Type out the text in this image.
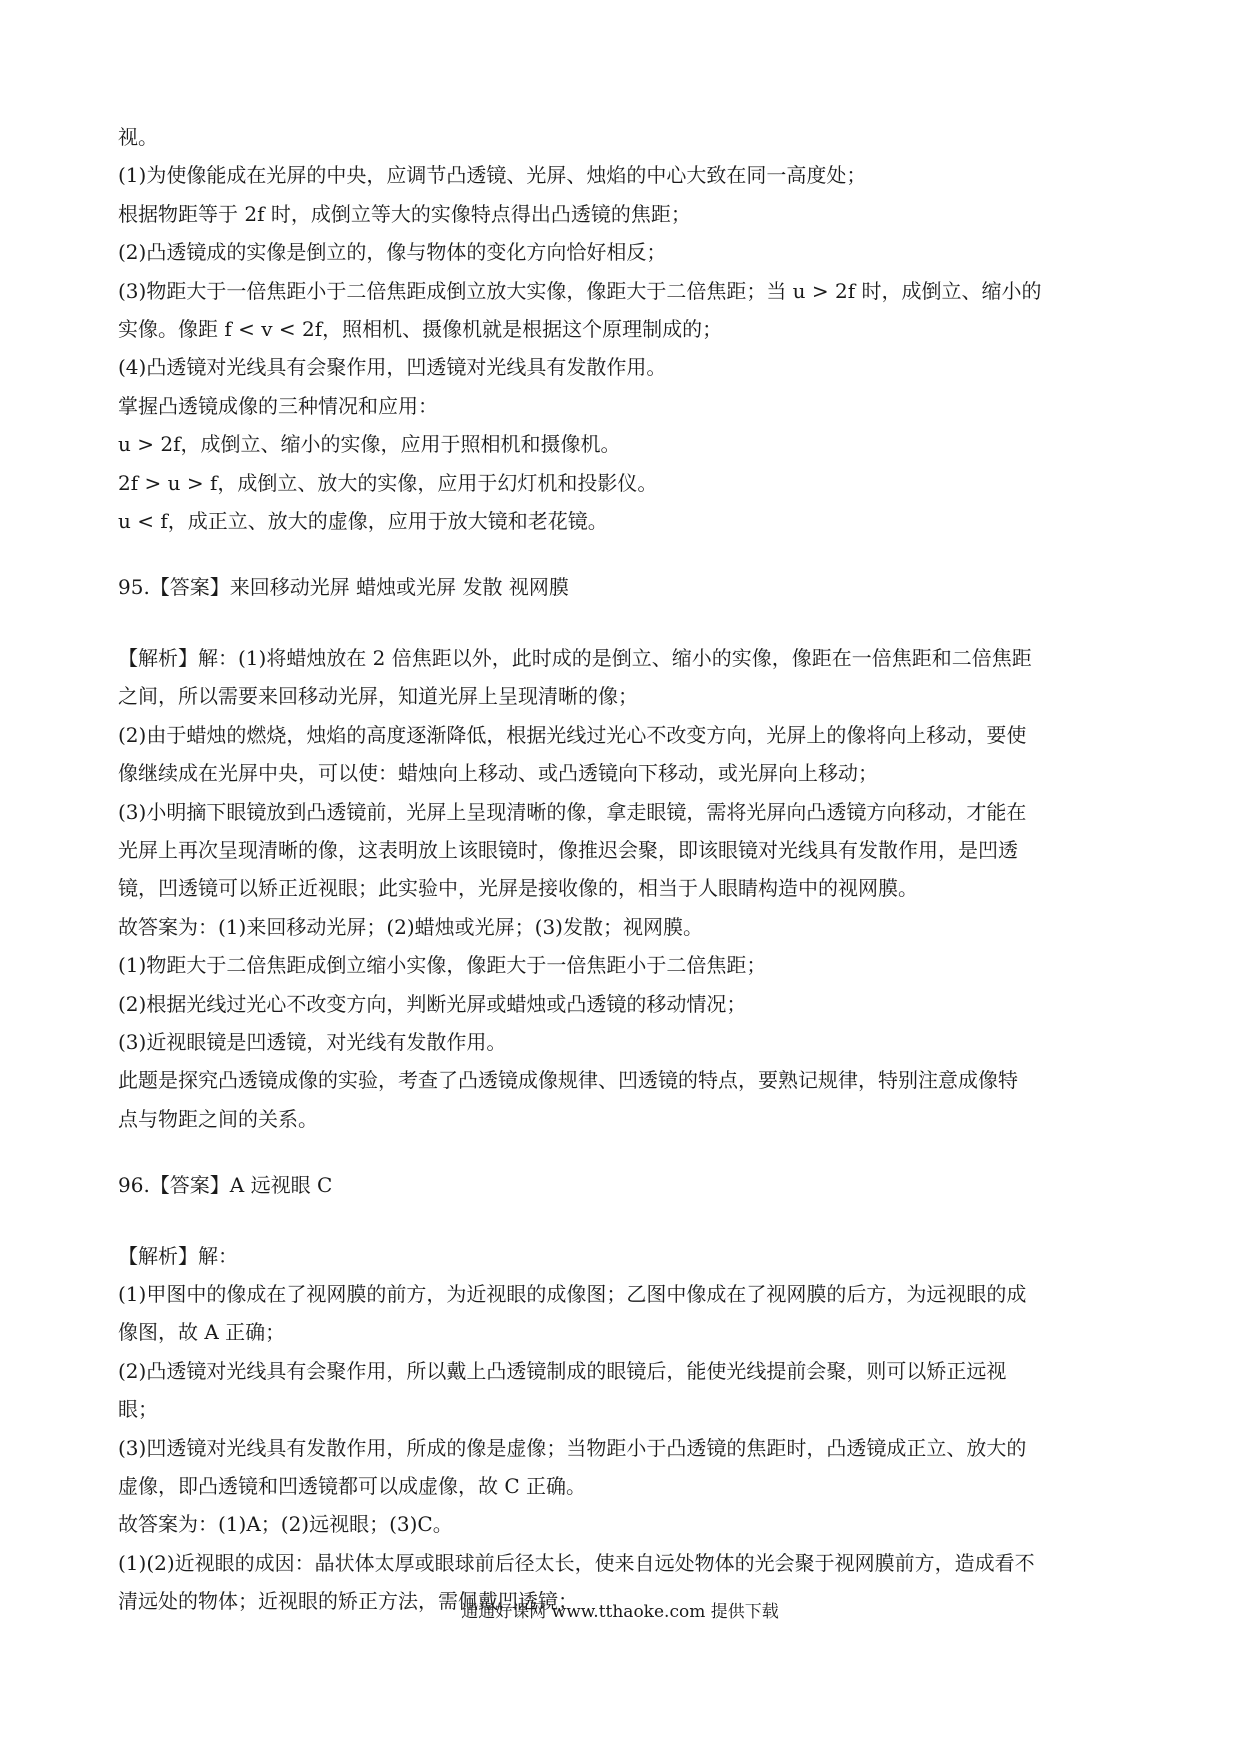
视。
(1)为使像能成在光屏的中央，应调节凸透镜、光屏、烛焰的中心大致在同一高度处；
根据物距等于 2f 时，成倒立等大的实像特点得出凸透镜的焦距；
(2)凸透镜成的实像是倒立的，像与物体的变化方向恰好相反；
(3)物距大于一倍焦距小于二倍焦距成倒立放大实像，像距大于二倍焦距；当 u > 2f 时，成倒立、缩小的
实像。像距 f < v < 2f，照相机、摄像机就是根据这个原理制成的；
(4)凸透镜对光线具有会聚作用，凹透镜对光线具有发散作用。
掌握凸透镜成像的三种情况和应用：
u > 2f，成倒立、缩小的实像，应用于照相机和摄像机。
2f > u > f，成倒立、放大的实像，应用于幻灯机和投影仪。
u < f，成正立、放大的虚像，应用于放大镜和老花镜。
95.【答案】来回移动光屏 蜡烛或光屏 发散 视网膜
【解析】解：(1)将蜡烛放在 2 倍焦距以外，此时成的是倒立、缩小的实像，像距在一倍焦距和二倍焦距
之间，所以需要来回移动光屏，知道光屏上呈现清晰的像；
(2)由于蜡烛的燃烧，烛焰的高度逐渐降低，根据光线过光心不改变方向，光屏上的像将向上移动，要使
像继续成在光屏中央，可以使：蜡烛向上移动、或凸透镜向下移动，或光屏向上移动；
(3)小明摘下眼镜放到凸透镜前，光屏上呈现清晰的像，拿走眼镜，需将光屏向凸透镜方向移动，才能在
光屏上再次呈现清晰的像，这表明放上该眼镜时，像推迟会聚，即该眼镜对光线具有发散作用，是凹透
镜，凹透镜可以矫正近视眼；此实验中，光屏是接收像的，相当于人眼睛构造中的视网膜。
故答案为：(1)来回移动光屏；(2)蜡烛或光屏；(3)发散；视网膜。
(1)物距大于二倍焦距成倒立缩小实像，像距大于一倍焦距小于二倍焦距；
(2)根据光线过光心不改变方向，判断光屏或蜡烛或凸透镜的移动情况；
(3)近视眼镜是凹透镜，对光线有发散作用。
此题是探究凸透镜成像的实验，考查了凸透镜成像规律、凹透镜的特点，要熟记规律，特别注意成像特
点与物距之间的关系。
96.【答案】A 远视眼 C
【解析】解：
(1)甲图中的像成在了视网膜的前方，为近视眼的成像图；乙图中像成在了视网膜的后方，为远视眼的成
像图，故 A 正确；
(2)凸透镜对光线具有会聚作用，所以戴上凸透镜制成的眼镜后，能使光线提前会聚，则可以矫正远视
眼；
(3)凹透镜对光线具有发散作用，所成的像是虚像；当物距小于凸透镜的焦距时，凸透镜成正立、放大的
虚像，即凸透镜和凹透镜都可以成虚像，故 C 正确。
故答案为：(1)A；(2)远视眼；(3)C。
(1)(2)近视眼的成因：晶状体太厚或眼球前后径太长，使来自远处物体的光会聚于视网膜前方，造成看不
清远处的物体；近视眼的矫正方法，需佩戴凹透镜；
通通好课网 www.tthaoke.com 提供下载
